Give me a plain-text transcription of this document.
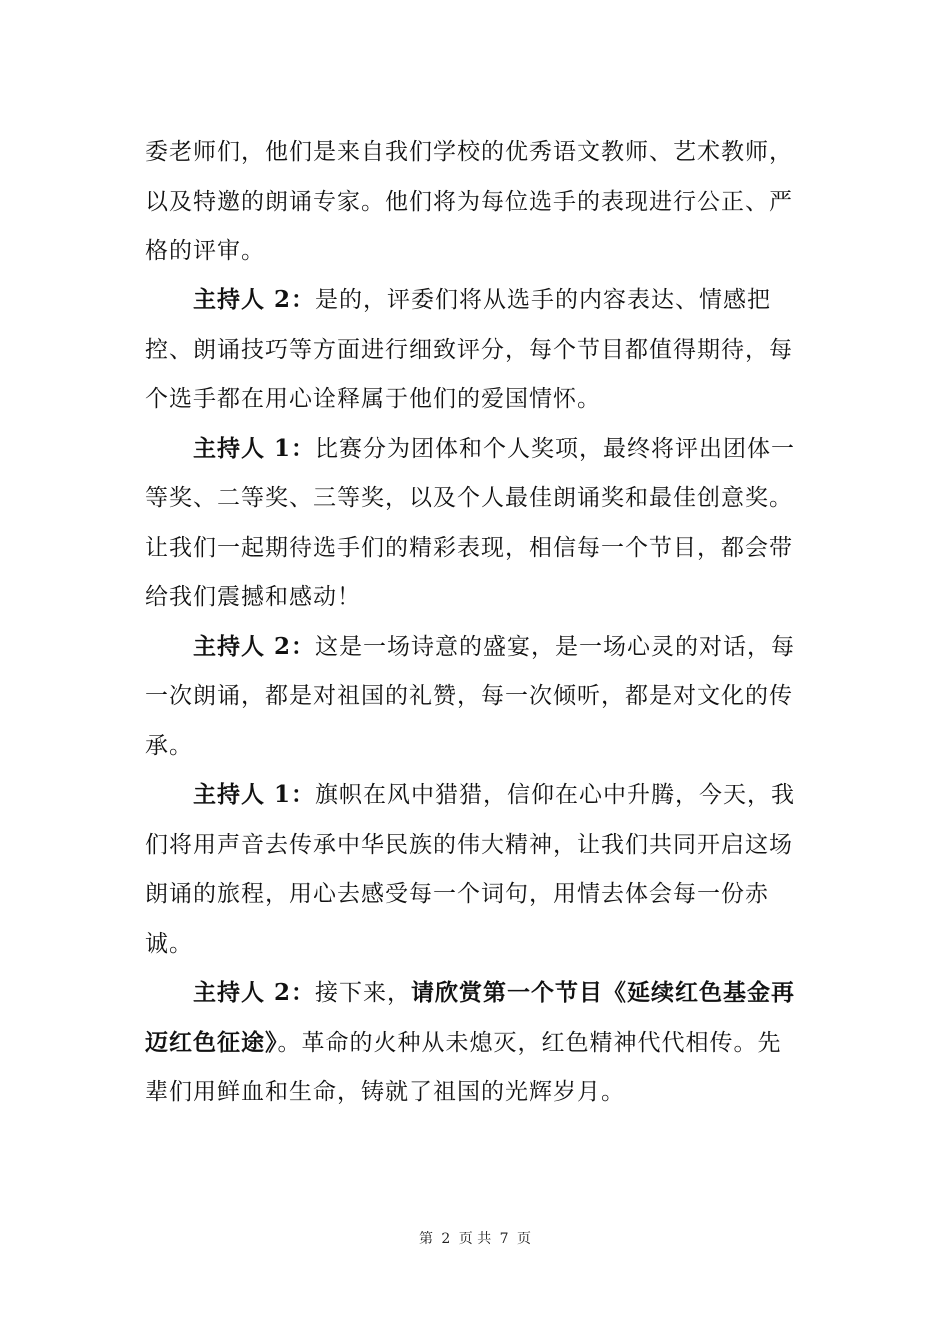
委老师们，他们是来自我们学校的优秀语文教师、艺术教师，
以及特邀的朗诵专家。他们将为每位选手的表现进行公正、严
格的评审。
主持人 2：是的，评委们将从选手的内容表达、情感把
控、朗诵技巧等方面进行细致评分，每个节目都值得期待，每
个选手都在用心诠释属于他们的爱国情怀。
主持人 1：比赛分为团体和个人奖项，最终将评出团体一
等奖、二等奖、三等奖，以及个人最佳朗诵奖和最佳创意奖。
让我们一起期待选手们的精彩表现，相信每一个节目，都会带
给我们震撼和感动！
主持人 2：这是一场诗意的盛宴，是一场心灵的对话，每
一次朗诵，都是对祖国的礼赞，每一次倾听，都是对文化的传
承。
主持人 1：旗帜在风中猎猎，信仰在心中升腾，今天，我
们将用声音去传承中华民族的伟大精神，让我们共同开启这场
朗诵的旅程，用心去感受每一个词句，用情去体会每一份赤
诚。
主持人 2：接下来，请欣赏第一个节目《延续红色基金再
迈红色征途》。革命的火种从未熄灭，红色精神代代相传。先
辈们用鲜血和生命，铸就了祖国的光辉岁月。
第 2 页 共 7 页
